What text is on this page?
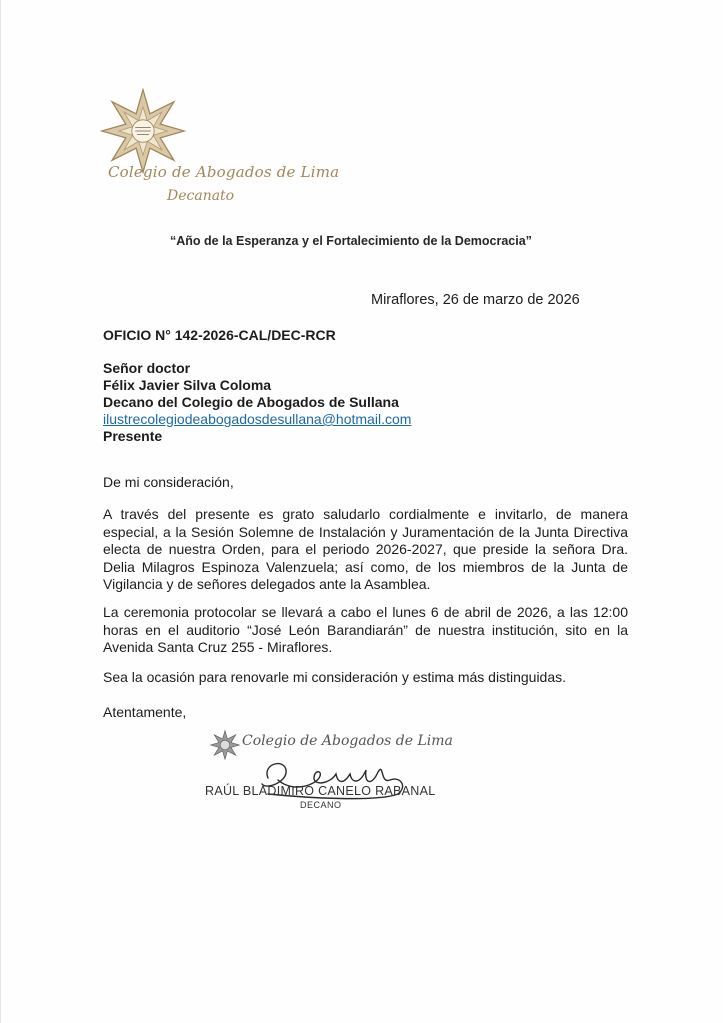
Colegio de Abogados de Lima
Decanato
“Año de la Esperanza y el Fortalecimiento de la Democracia”
Miraflores, 26 de marzo de 2026
OFICIO N° 142-2026-CAL/DEC-RCR
Señor doctor
Félix Javier Silva Coloma
Decano del Colegio de Abogados de Sullana
ilustrecolegiodeabogadosdesullana@hotmail.com
Presente
De mi consideración,
A través del presente es grato saludarlo cordialmente e invitarlo, de manera especial, a la Sesión Solemne de Instalación y Juramentación de la Junta Directiva electa de nuestra Orden, para el periodo 2026-2027, que preside la señora Dra. Delia Milagros Espinoza Valenzuela; así como, de los miembros de la Junta de Vigilancia y de señores delegados ante la Asamblea.
La ceremonia protocolar se llevará a cabo el lunes 6 de abril de 2026, a las 12:00 horas en el auditorio “José León Barandiarán” de nuestra institución, sito en la Avenida Santa Cruz 255 - Miraflores.
Sea la ocasión para renovarle mi consideración y estima más distinguidas.
Atentamente,
Colegio de Abogados de Lima
RAÚL BLADIMIRO CANELO RABANAL
DECANO
